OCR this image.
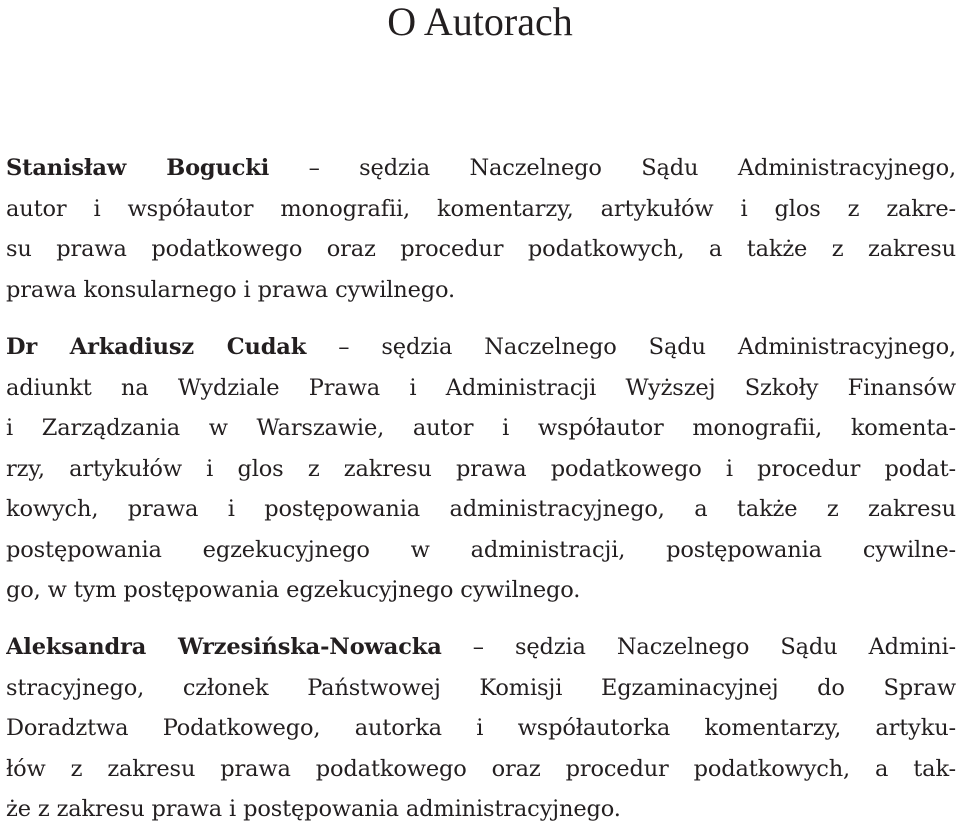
O Autorach

Stanisław Bogucki – sędzia Naczelnego Sądu Administracyjnego,
autor i współautor monografii, komentarzy, artykułów i glos z zakre-
su prawa podatkowego oraz procedur podatkowych, a także z zakresu
prawa konsularnego i prawa cywilnego.

Dr Arkadiusz Cudak – sędzia Naczelnego Sądu Administracyjnego,
adiunkt na Wydziale Prawa i Administracji Wyższej Szkoły Finansów
i Zarządzania w Warszawie, autor i współautor monografii, komenta-
rzy, artykułów i glos z zakresu prawa podatkowego i procedur podat-
kowych, prawa i postępowania administracyjnego, a także z zakresu
postępowania egzekucyjnego w administracji, postępowania cywilne-
go, w tym postępowania egzekucyjnego cywilnego.

Aleksandra Wrzesińska-Nowacka – sędzia Naczelnego Sądu Admini-
stracyjnego, członek Państwowej Komisji Egzaminacyjnej do Spraw
Doradztwa Podatkowego, autorka i współautorka komentarzy, artyku-
łów z zakresu prawa podatkowego oraz procedur podatkowych, a tak-
że z zakresu prawa i postępowania administracyjnego.
